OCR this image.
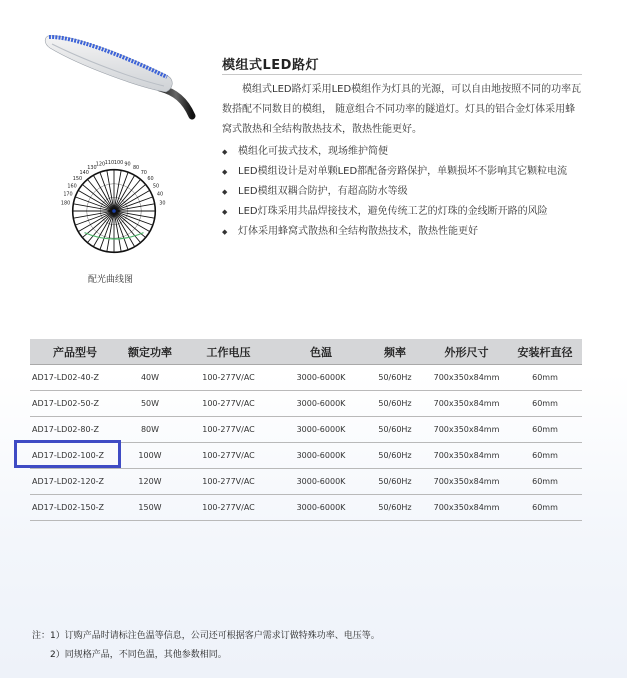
180
170
160
150
140
130
120 110 100 90
80
70
60
50
40
30
配光曲线图
模组式LED路灯

模组式LED路灯采用LED模组作为灯具的光源，可以自由地按照不同的功率瓦数搭配不同数目的模组， 随意组合不同功率的隧道灯。灯具的铝合金灯体采用蜂窝式散热和全结构散热技术，散热性能更好。

◆ 模组化可拔式技术，现场维护简便
◆ LED模组设计是对单颗LED都配备旁路保护，单颗损坏不影响其它颗粒电流
◆ LED模组双耦合防护，有超高防水等级
◆ LED灯珠采用共晶焊接技术，避免传统工艺的灯珠的金线断开路的风险
◆ 灯体采用蜂窝式散热和全结构散热技术，散热性能更好
产品型号	额定功率	工作电压	色温	频率	外形尺寸	安装杆直径
AD17-LD02-40-Z	40W	100-277V/AC	3000-6000K	50/60Hz	700x350x84mm	60mm
AD17-LD02-50-Z	50W	100-277V/AC	3000-6000K	50/60Hz	700x350x84mm	60mm
AD17-LD02-80-Z	80W	100-277V/AC	3000-6000K	50/60Hz	700x350x84mm	60mm
AD17-LD02-100-Z	100W	100-277V/AC	3000-6000K	50/60Hz	700x350x84mm	60mm
AD17-LD02-120-Z	120W	100-277V/AC	3000-6000K	50/60Hz	700x350x84mm	60mm
AD17-LD02-150-Z	150W	100-277V/AC	3000-6000K	50/60Hz	700x350x84mm	60mm
注：1）订购产品时请标注色温等信息，公司还可根据客户需求订做特殊功率、电压等。
2）同规格产品，不同色温，其他参数相同。
